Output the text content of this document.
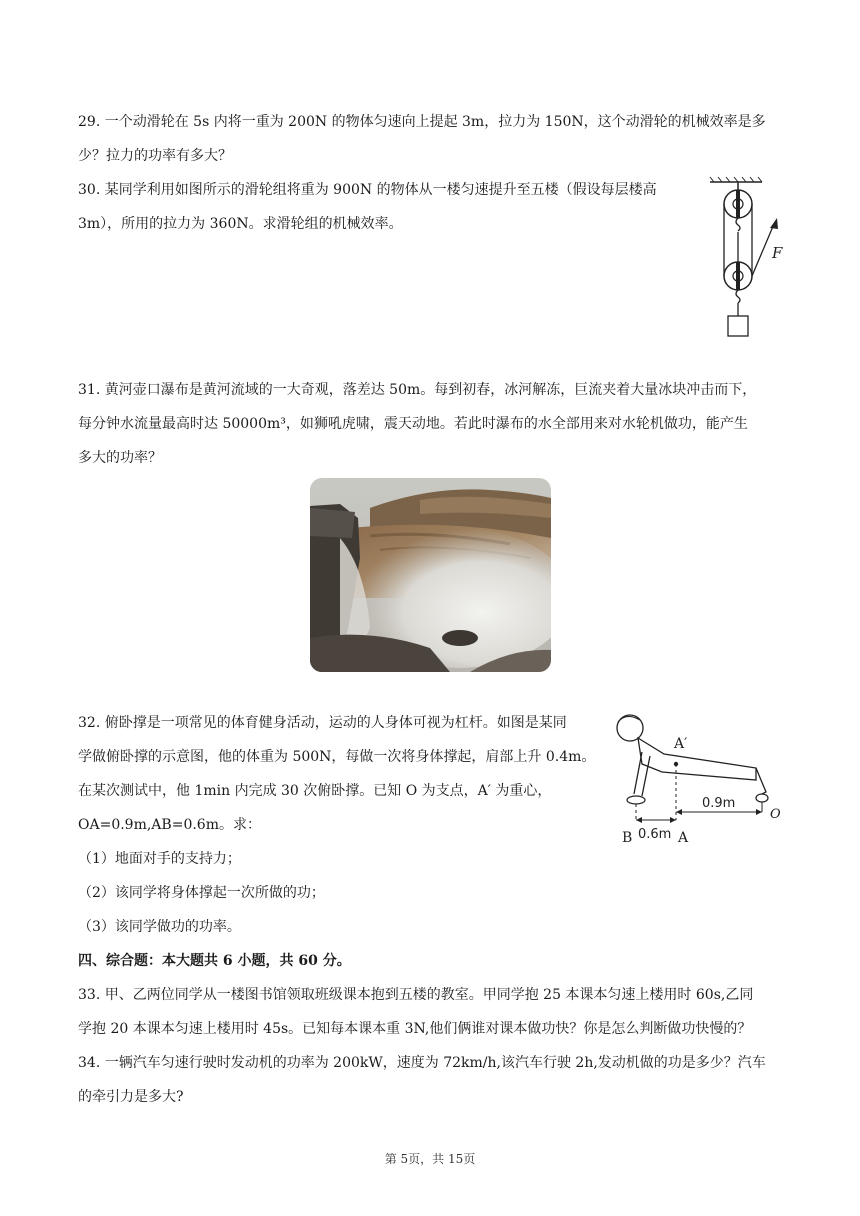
29. 一个动滑轮在 5s 内将一重为 200N 的物体匀速向上提起 3m，拉力为 150N，这个动滑轮的机械效率是多
少？拉力的功率有多大？
30. 某同学利用如图所示的滑轮组将重为 900N 的物体从一楼匀速提升至五楼（假设每层楼高
3m），所用的拉力为 360N。求滑轮组的机械效率。
F
31. 黄河壶口瀑布是黄河流域的一大奇观，落差达 50m。每到初春，冰河解冻，巨流夹着大量冰块冲击而下，
每分钟水流量最高时达 50000m³，如狮吼虎啸，震天动地。若此时瀑布的水全部用来对水轮机做功，能产生
多大的功率？
32. 俯卧撑是一项常见的体育健身活动，运动的人身体可视为杠杆。如图是某同
学做俯卧撑的示意图，他的体重为 500N，每做一次将身体撑起，肩部上升 0.4m。
在某次测试中，他 1min 内完成 30 次俯卧撑。已知 O 为支点，A′ 为重心，
OA=0.9m,AB=0.6m。求：
（1）地面对手的支持力；
（2）该同学将身体撑起一次所做的功；
（3）该同学做功的功率。
A′
0.9m
O
B 0.6m A
四、综合题：本大题共 6 小题，共 60 分。
33. 甲、乙两位同学从一楼图书馆领取班级课本抱到五楼的教室。甲同学抱 25 本课本匀速上楼用时 60s,乙同
学抱 20 本课本匀速上楼用时 45s。已知每本课本重 3N,他们俩谁对课本做功快？你是怎么判断做功快慢的？
34. 一辆汽车匀速行驶时发动机的功率为 200kW，速度为 72km/h,该汽车行驶 2h,发动机做的功是多少？汽车
的牵引力是多大?
第 5页，共 15页
